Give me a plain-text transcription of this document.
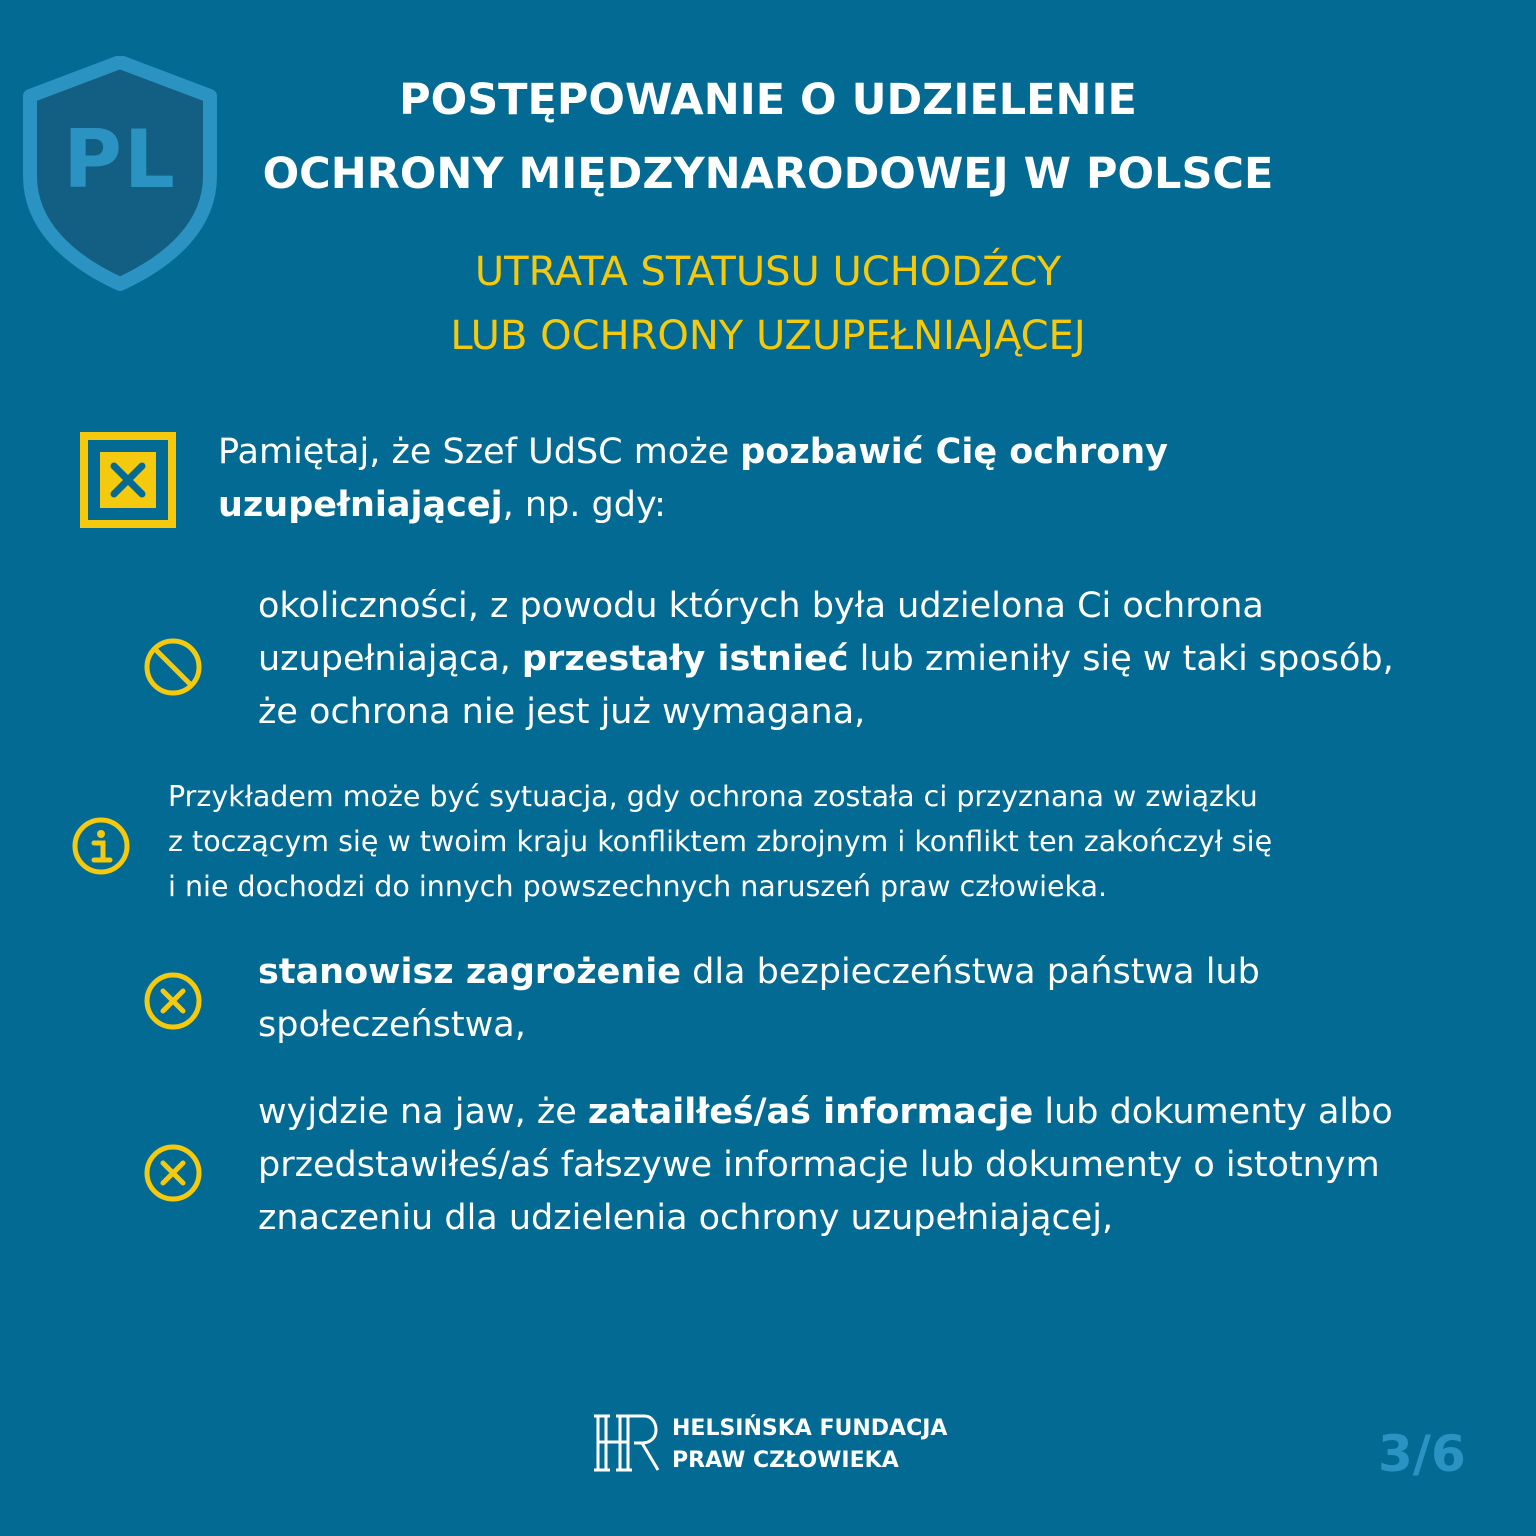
PL
POSTĘPOWANIE O UDZIELENIE
OCHRONY MIĘDZYNARODOWEJ W POLSCE
UTRATA STATUSU UCHODŹCY
LUB OCHRONY UZUPEŁNIAJĄCEJ
Pamiętaj, że Szef UdSC może pozbawić Cię ochrony
uzupełniającej, np. gdy:
okoliczności, z powodu których była udzielona Ci ochrona
uzupełniająca, przestały istnieć lub zmieniły się w taki sposób,
że ochrona nie jest już wymagana,
Przykładem może być sytuacja, gdy ochrona została ci przyznana w związku
z toczącym się w twoim kraju konfliktem zbrojnym i konflikt ten zakończył się
i nie dochodzi do innych powszechnych naruszeń praw człowieka.
stanowisz zagrożenie dla bezpieczeństwa państwa lub
społeczeństwa,
wyjdzie na jaw, że zatailłeś/aś informacje lub dokumenty albo
przedstawiłeś/aś fałszywe informacje lub dokumenty o istotnym
znaczeniu dla udzielenia ochrony uzupełniającej,
HELSIŃSKA FUNDACJA
PRAW CZŁOWIEKA	3/6
